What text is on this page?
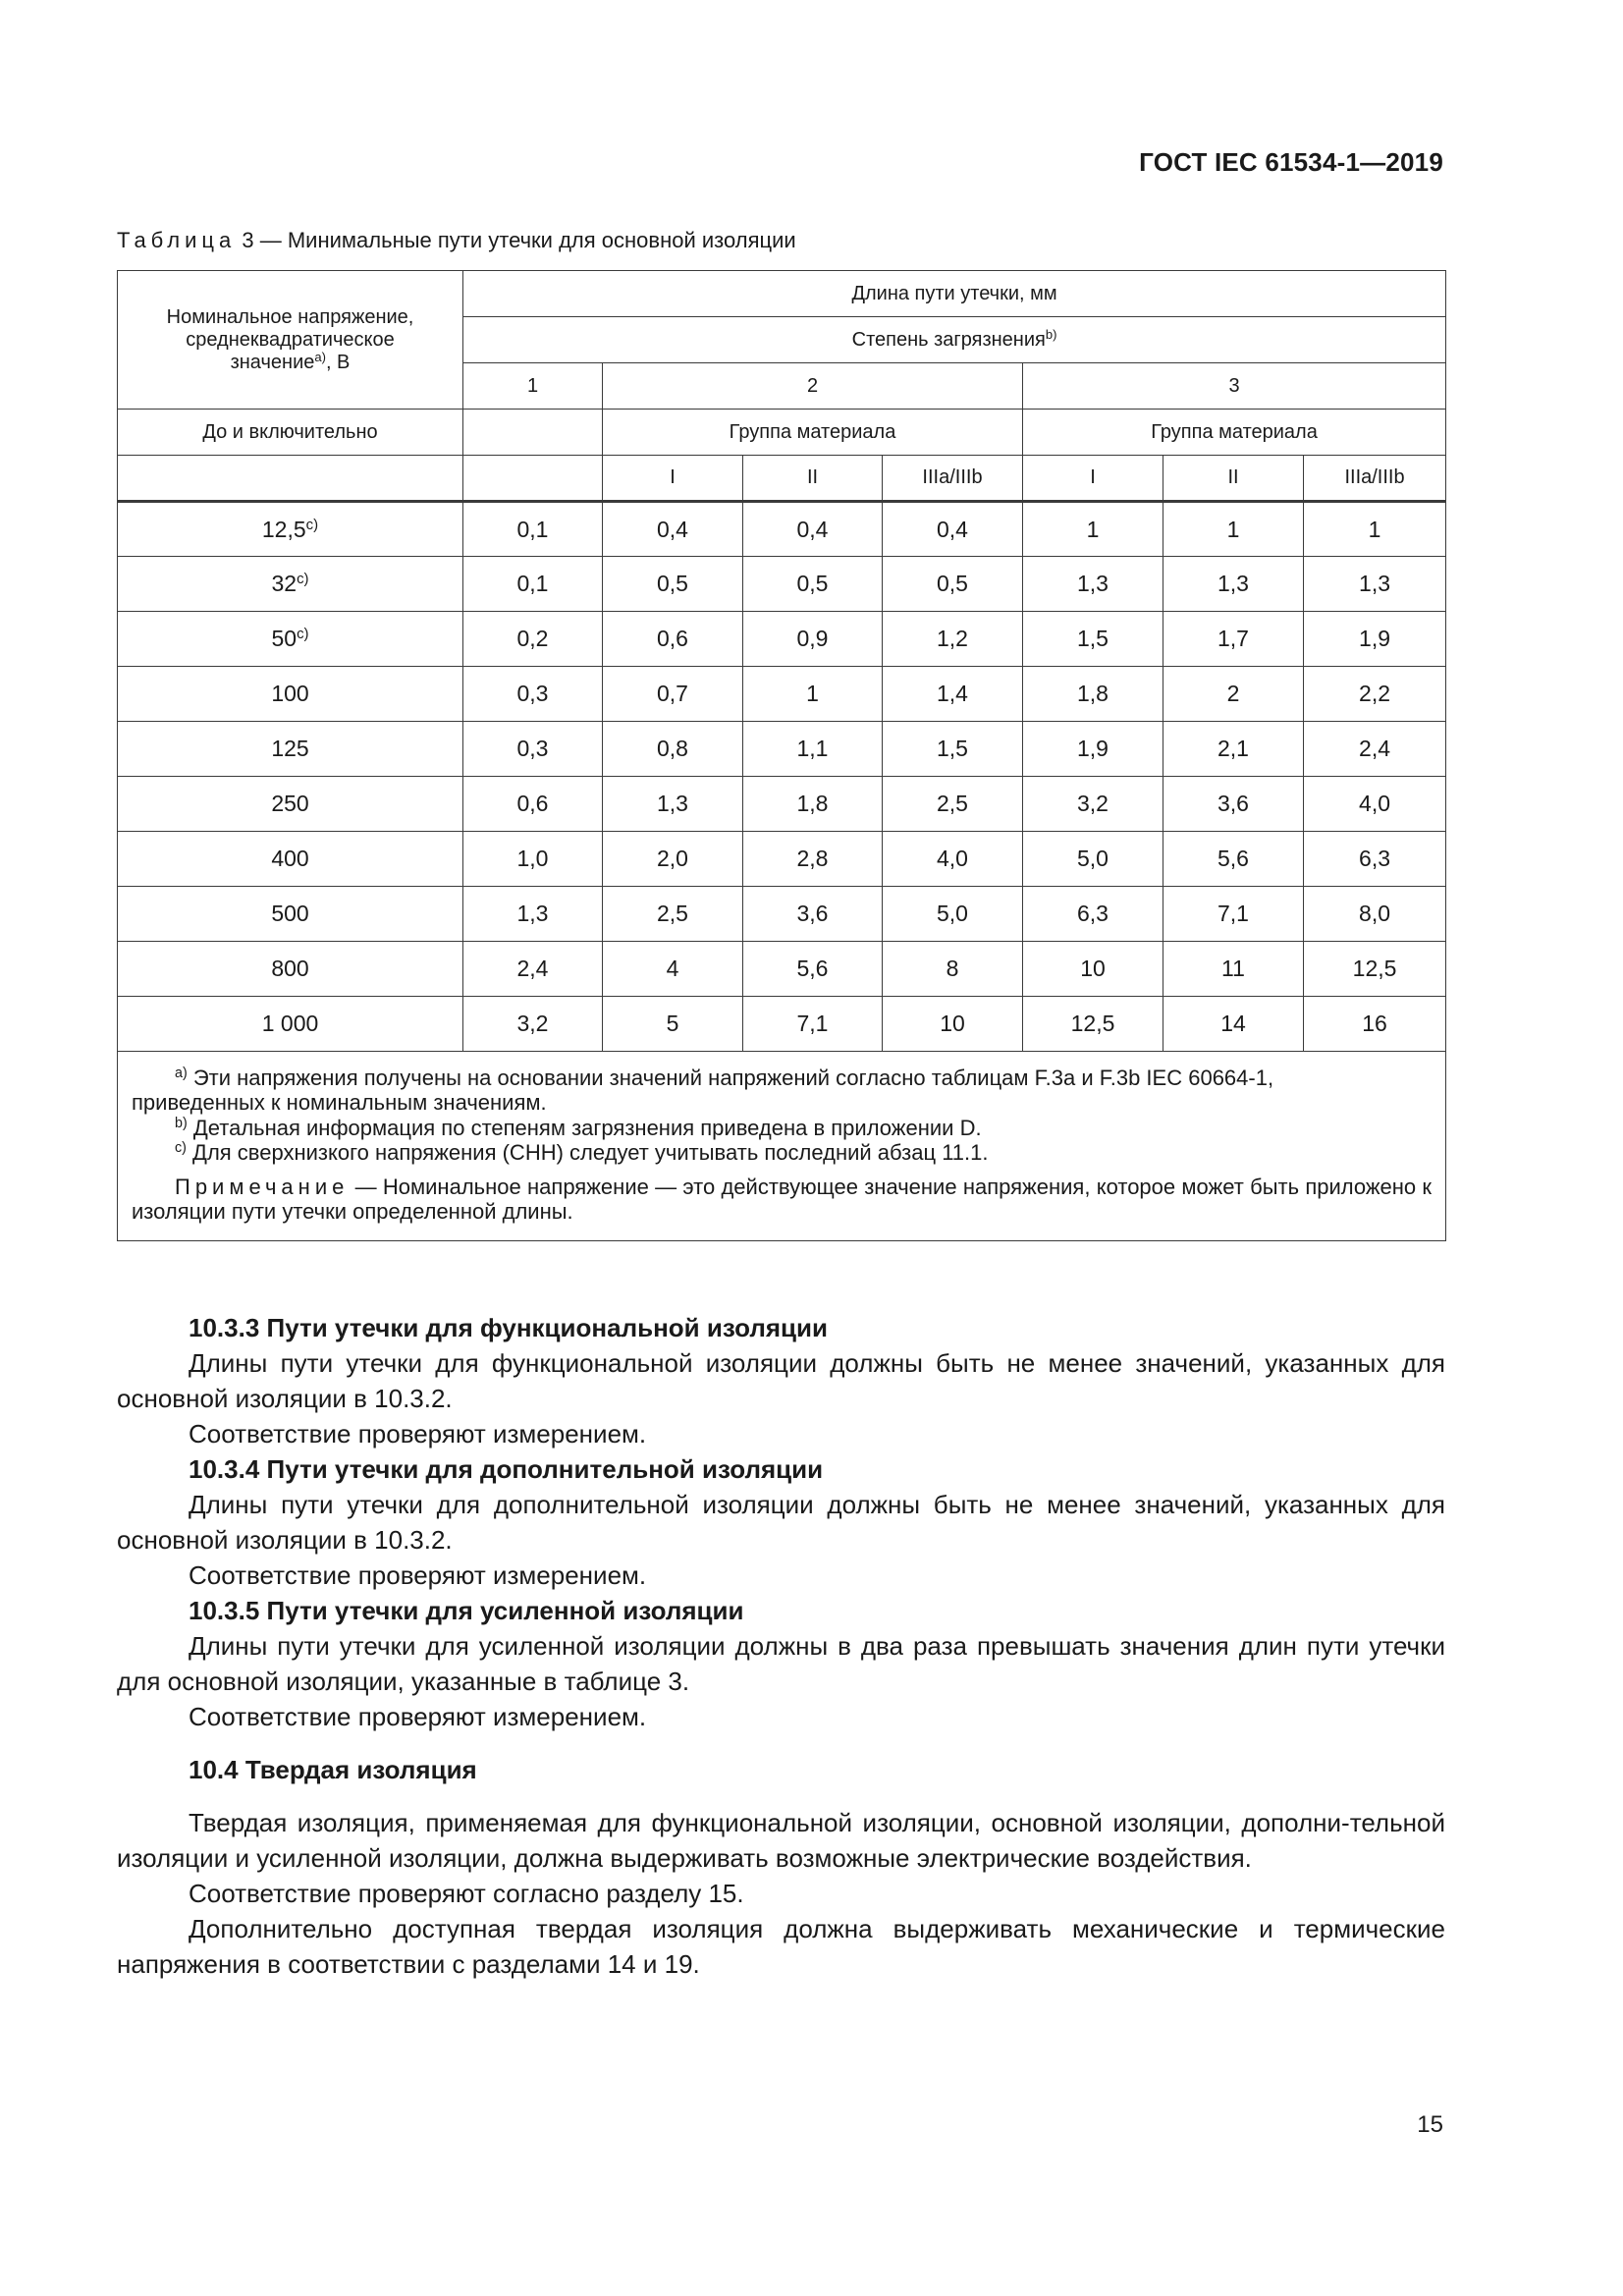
ГОСТ IEC 61534-1—2019
Таблица 3 — Минимальные пути утечки для основной изоляции
Номинальное напряжение,
среднеквадратическое
значение$^{a)}$, В	Длина пути утечки, мм						
	Степень загрязнения$^{b)}$
	1	2			3		
До и включительно		Группа материала			Группа материала		
		I	II	IIIa/IIIb	I	II	IIIa/IIIb
12,5$^{c)}$	0,1	0,4	0,4	0,4	1	1	1
32$^{c)}$	0,1	0,5	0,5	0,5	1,3	1,3	1,3
50$^{c)}$	0,2	0,6	0,9	1,2	1,5	1,7	1,9
100	0,3	0,7	1	1,4	1,8	2	2,2
125	0,3	0,8	1,1	1,5	1,9	2,1	2,4
250	0,6	1,3	1,8	2,5	3,2	3,6	4,0
400	1,0	2,0	2,8	4,0	5,0	5,6	6,3
500	1,3	2,5	3,6	5,0	6,3	7,1	8,0
800	2,4	4	5,6	8	10	11	12,5
1 000	3,2	5	7,1	10	12,5	14	16

$^{a)}$ Эти напряжения получены на основании значений напряжений согласно таблицам F.3a и F.3b IEC 60664-1,
приведенных к номинальным значениям.
$^{b)}$ Детальная информация по степеням загрязнения приведена в приложении D.
$^{c)}$ Для сверхнизкого напряжения (СНН) следует учитывать последний абзац 11.1.
Примечание — Номинальное напряжение — это действующее значение напряжения, которое может быть приложено к изоляции пути утечки определенной длины.							

10.3.3 Пути утечки для функциональной изоляции

Длины пути утечки для функциональной изоляции должны быть не менее значений, указанных для основной изоляции в 10.3.2.

Соответствие проверяют измерением.

10.3.4 Пути утечки для дополнительной изоляции

Длины пути утечки для дополнительной изоляции должны быть не менее значений, указанных для основной изоляции в 10.3.2.

Соответствие проверяют измерением.

10.3.5 Пути утечки для усиленной изоляции

Длины пути утечки для усиленной изоляции должны в два раза превышать значения длин пути утечки для основной изоляции, указанные в таблице 3.

Соответствие проверяют измерением.

10.4 Твердая изоляция

Твердая изоляция, применяемая для функциональной изоляции, основной изоляции, дополни-тельной изоляции и усиленной изоляции, должна выдерживать возможные электрические воздействия.

Соответствие проверяют согласно разделу 15.

Дополнительно доступная твердая изоляция должна выдерживать механические и термические напряжения в соответствии с разделами 14 и 19.

15
